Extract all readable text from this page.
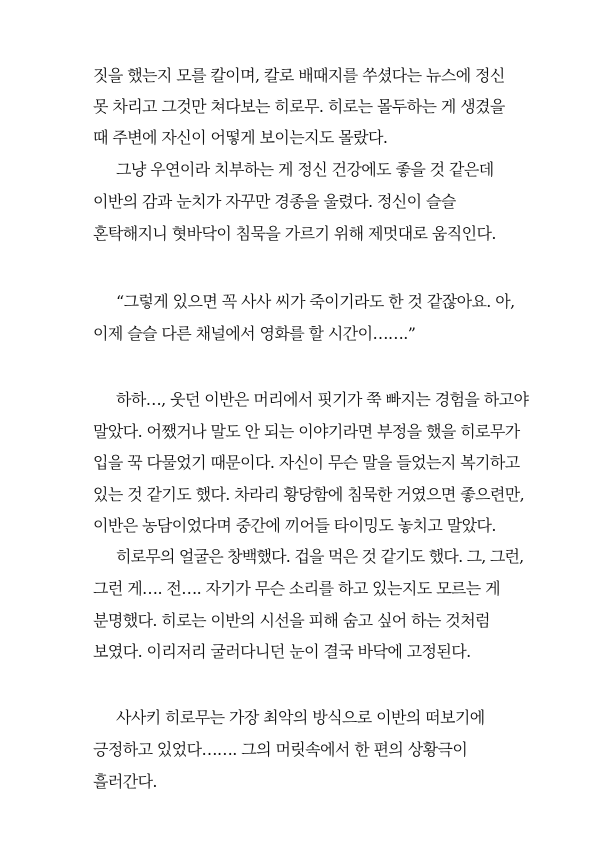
짓을 했는지 모를 칼이며, 칼로 배때지를 쑤셨다는 뉴스에 정신
못 차리고 그것만 쳐다보는 히로무. 히로는 몰두하는 게 생겼을
때 주변에 자신이 어떻게 보이는지도 몰랐다.
그냥 우연이라 치부하는 게 정신 건강에도 좋을 것 같은데
이반의 감과 눈치가 자꾸만 경종을 울렸다. 정신이 슬슬
혼탁해지니 혓바닥이 침묵을 가르기 위해 제멋대로 움직인다.
“그렇게 있으면 꼭 사사 씨가 죽이기라도 한 것 같잖아요. 아,
이제 슬슬 다른 채널에서 영화를 할 시간이…….”
하하…, 웃던 이반은 머리에서 핏기가 쭉 빠지는 경험을 하고야
말았다. 어쨌거나 말도 안 되는 이야기라면 부정을 했을 히로무가
입을 꾹 다물었기 때문이다. 자신이 무슨 말을 들었는지 복기하고
있는 것 같기도 했다. 차라리 황당함에 침묵한 거였으면 좋으련만,
이반은 농담이었다며 중간에 끼어들 타이밍도 놓치고 말았다.
히로무의 얼굴은 창백했다. 겁을 먹은 것 같기도 했다. 그, 그런,
그런 게…. 전…. 자기가 무슨 소리를 하고 있는지도 모르는 게
분명했다. 히로는 이반의 시선을 피해 숨고 싶어 하는 것처럼
보였다. 이리저리 굴러다니던 눈이 결국 바닥에 고정된다.
사사키 히로무는 가장 최악의 방식으로 이반의 떠보기에
긍정하고 있었다……. 그의 머릿속에서 한 편의 상황극이
흘러간다.
